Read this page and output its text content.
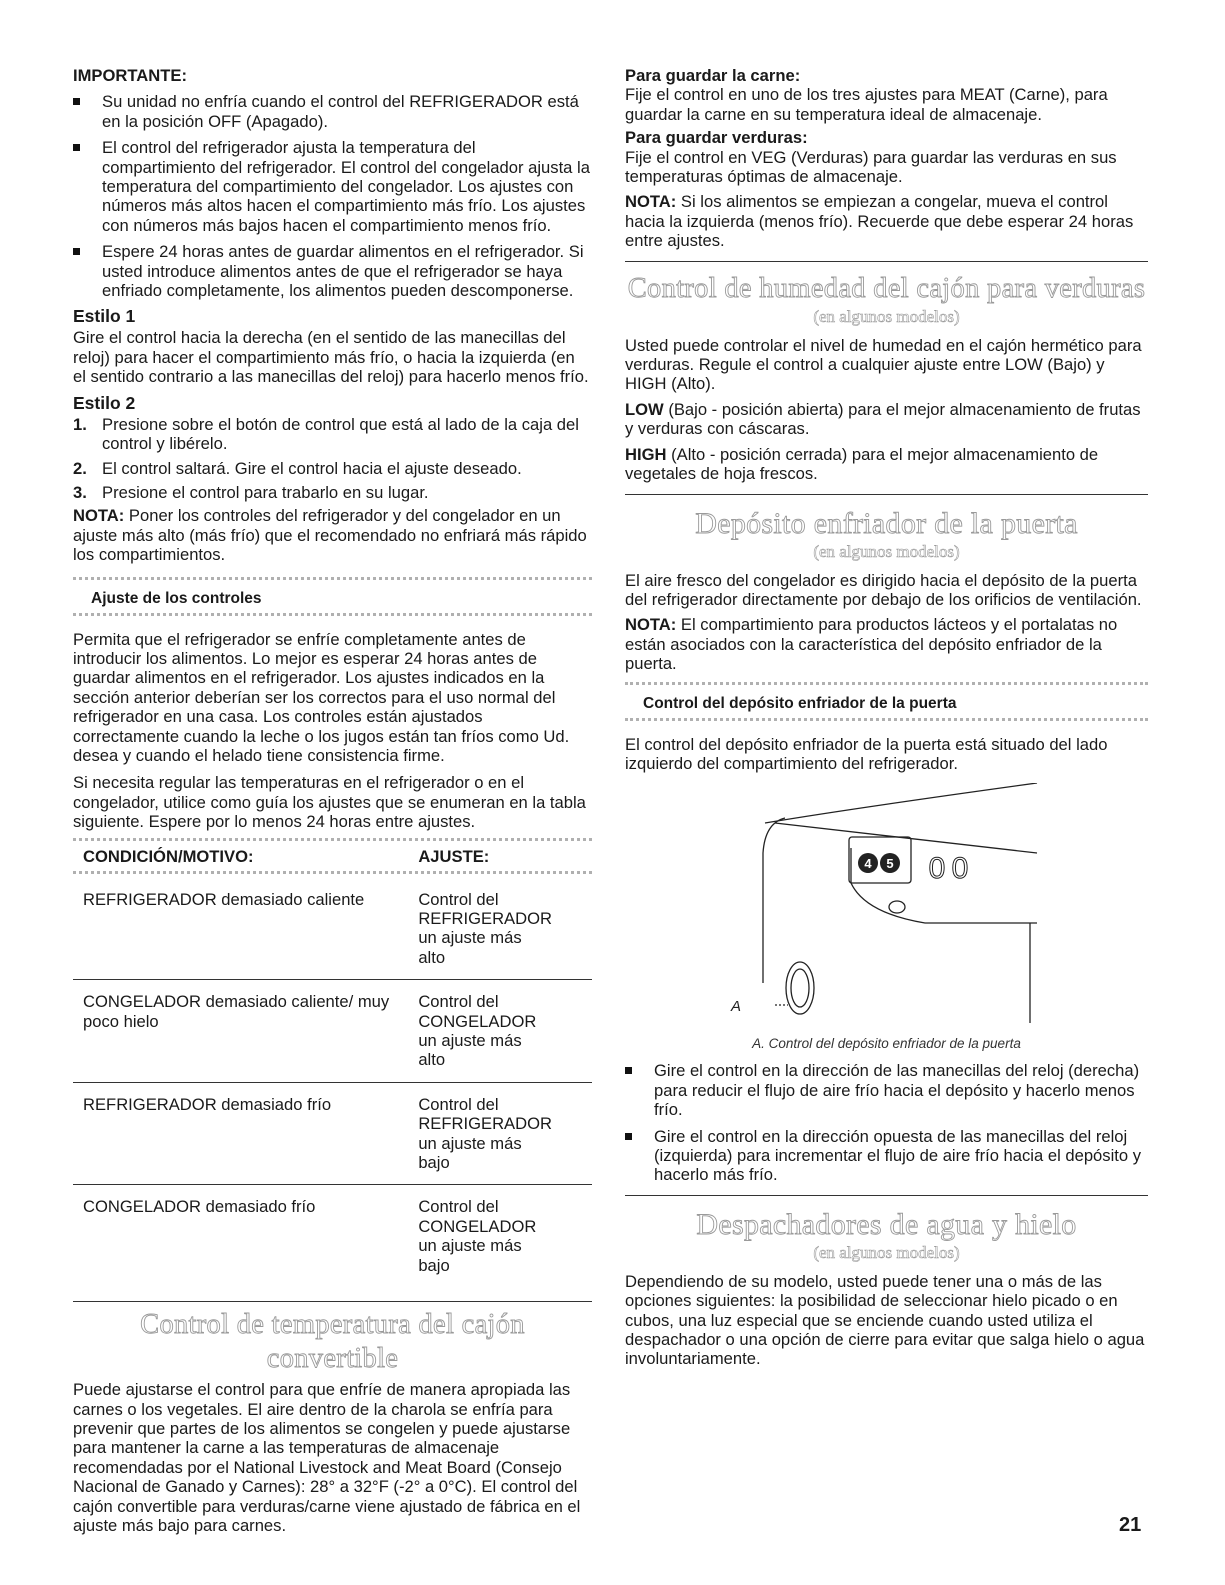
IMPORTANTE:

Su unidad no enfría cuando el control del REFRIGERADOR está en la posición OFF (Apagado).
El control del refrigerador ajusta la temperatura del compartimiento del refrigerador. El control del congelador ajusta la temperatura del compartimiento del congelador. Los ajustes con números más altos hacen el compartimiento más frío. Los ajustes con números más bajos hacen el compartimiento menos frío.
Espere 24 horas antes de guardar alimentos en el refrigerador. Si usted introduce alimentos antes de que el refrigerador se haya enfriado completamente, los alimentos pueden descomponerse.
Estilo 1

Gire el control hacia la derecha (en el sentido de las manecillas del reloj) para hacer el compartimiento más frío, o hacia la izquierda (en el sentido contrario a las manecillas del reloj) para hacerlo menos frío.

Estilo 2
1. Presione sobre el botón de control que está al lado de la caja del control y libérelo.
2. El control saltará. Gire el control hacia el ajuste deseado.
3. Presione el control para trabarlo en su lugar.

NOTA: Poner los controles del refrigerador y del congelador en un ajuste más alto (más frío) que el recomendado no enfriará más rápido los compartimientos.

Ajuste de los controles

Permita que el refrigerador se enfríe completamente antes de introducir los alimentos. Lo mejor es esperar 24 horas antes de guardar alimentos en el refrigerador. Los ajustes indicados en la sección anterior deberían ser los correctos para el uso normal del refrigerador en una casa. Los controles están ajustados correctamente cuando la leche o los jugos están tan fríos como Ud. desea y cuando el helado tiene consistencia firme.

Si necesita regular las temperaturas en el refrigerador o en el congelador, utilice como guía los ajustes que se enumeran en la tabla siguiente. Espere por lo menos 24 horas entre ajustes.

CONDICIÓN/MOTIVO:	AJUSTE:

REFRIGERADOR demasiado caliente	Control del REFRIGERADOR un ajuste más alto
CONGELADOR demasiado caliente/ muy poco hielo	Control del CONGELADOR un ajuste más alto
REFRIGERADOR demasiado frío	Control del REFRIGERADOR un ajuste más bajo
CONGELADOR demasiado frío	Control del CONGELADOR un ajuste más bajo
Control de temperatura del cajón convertible

Puede ajustarse el control para que enfríe de manera apropiada las carnes o los vegetales. El aire dentro de la charola se enfría para prevenir que partes de los alimentos se congelen y puede ajustarse para mantener la carne a las temperaturas de almacenaje recomendadas por el National Livestock and Meat Board (Consejo Nacional de Ganado y Carnes): 28° a 32°F (-2° a 0°C). El control del cajón convertible para verduras/carne viene ajustado de fábrica en el ajuste más bajo para carnes.

Para guardar la carne:

Fije el control en uno de los tres ajustes para MEAT (Carne), para guardar la carne en su temperatura ideal de almacenaje.

Para guardar verduras:

Fije el control en VEG (Verduras) para guardar las verduras en sus temperaturas óptimas de almacenaje.

NOTA: Si los alimentos se empiezan a congelar, mueva el control hacia la izquierda (menos frío). Recuerde que debe esperar 24 horas entre ajustes.

Control de humedad del cajón para verduras
(en algunos modelos)

Usted puede controlar el nivel de humedad en el cajón hermético para verduras. Regule el control a cualquier ajuste entre LOW (Bajo) y HIGH (Alto).

LOW (Bajo - posición abierta) para el mejor almacenamiento de frutas y verduras con cáscaras.

HIGH (Alto - posición cerrada) para el mejor almacenamiento de vegetales de hoja frescos.

Depósito enfriador de la puerta
(en algunos modelos)

El aire fresco del congelador es dirigido hacia el depósito de la puerta del refrigerador directamente por debajo de los orificios de ventilación.

NOTA: El compartimiento para productos lácteos y el portalatas no están asociados con la característica del depósito enfriador de la puerta.

Control del depósito enfriador de la puerta

El control del depósito enfriador de la puerta está situado del lado izquierdo del compartimiento del refrigerador.

4 5 0 0
A
A. Control del depósito enfriador de la puerta
Gire el control en la dirección de las manecillas del reloj (derecha) para reducir el flujo de aire frío hacia el depósito y hacerlo menos frío.
Gire el control en la dirección opuesta de las manecillas del reloj (izquierda) para incrementar el flujo de aire frío hacia el depósito y hacerlo más frío.
Despachadores de agua y hielo
(en algunos modelos)

Dependiendo de su modelo, usted puede tener una o más de las opciones siguientes: la posibilidad de seleccionar hielo picado o en cubos, una luz especial que se enciende cuando usted utiliza el despachador o una opción de cierre para evitar que salga hielo o agua involuntariamente.

21
